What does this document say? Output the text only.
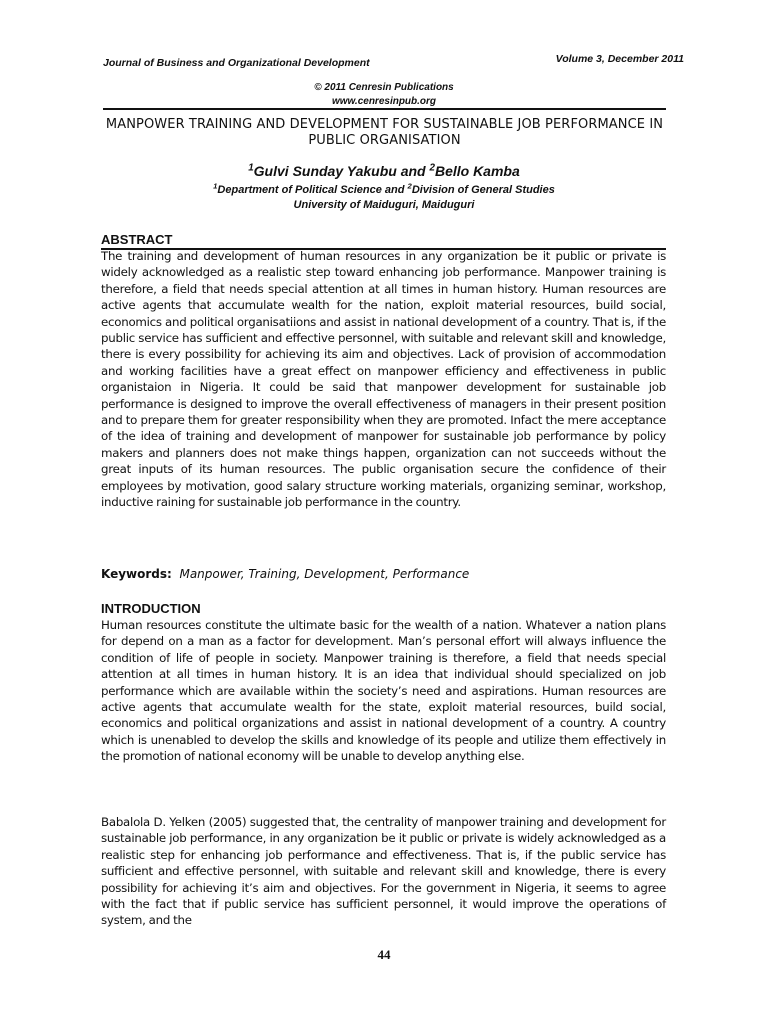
Journal of Business and Organizational Development	Volume 3, December 2011
© 2011 Cenresin Publications
www.cenresinpub.org
MANPOWER TRAINING AND DEVELOPMENT FOR SUSTAINABLE JOB PERFORMANCE IN PUBLIC ORGANISATION
$^1$Gulvi Sunday Yakubu and $^2$Bello Kamba
$^1$Department of Political Science and $^2$Division of General Studies
University of Maiduguri, Maiduguri
ABSTRACT
The training and development of human resources in any organization be it public or private is widely acknowledged as a realistic step toward enhancing job performance. Manpower training is therefore, a field that needs special attention at all times in human history. Human resources are active agents that accumulate wealth for the nation, exploit material resources, build social, economics and political organisatiions and assist in national development of a country. That is, if the public service has sufficient and effective personnel, with suitable and relevant skill and knowledge, there is every possibility for achieving its aim and objectives. Lack of provision of accommodation and working facilities have a great effect on manpower efficiency and effectiveness in public organistaion in Nigeria. It could be said that manpower development for sustainable job performance is designed to improve the overall effectiveness of managers in their present position and to prepare them for greater responsibility when they are promoted. Infact the mere acceptance of the idea of training and development of manpower for sustainable job performance by policy makers and planners does not make things happen, organization can not succeeds without the great inputs of its human resources. The public organisation secure the confidence of their employees by motivation, good salary structure working materials, organizing seminar, workshop, inductive raining for sustainable job performance in the country.
Keywords: Manpower, Training, Development, Performance
INTRODUCTION
Human resources constitute the ultimate basic for the wealth of a nation. Whatever a nation plans for depend on a man as a factor for development. Man’s personal effort will always influence the condition of life of people in society. Manpower training is therefore, a field that needs special attention at all times in human history. It is an idea that individual should specialized on job performance which are available within the society’s need and aspirations. Human resources are active agents that accumulate wealth for the state, exploit material resources, build social, economics and political organizations and assist in national development of a country. A country which is unenabled to develop the skills and knowledge of its people and utilize them effectively in the promotion of national economy will be unable to develop anything else.
Babalola D. Yelken (2005) suggested that, the centrality of manpower training and development for sustainable job performance, in any organization be it public or private is widely acknowledged as a realistic step for enhancing job performance and effectiveness. That is, if the public service has sufficient and effective personnel, with suitable and relevant skill and knowledge, there is every possibility for achieving it’s aim and objectives. For the government in Nigeria, it seems to agree with the fact that if public service has sufficient personnel, it would improve the operations of system, and the
44
